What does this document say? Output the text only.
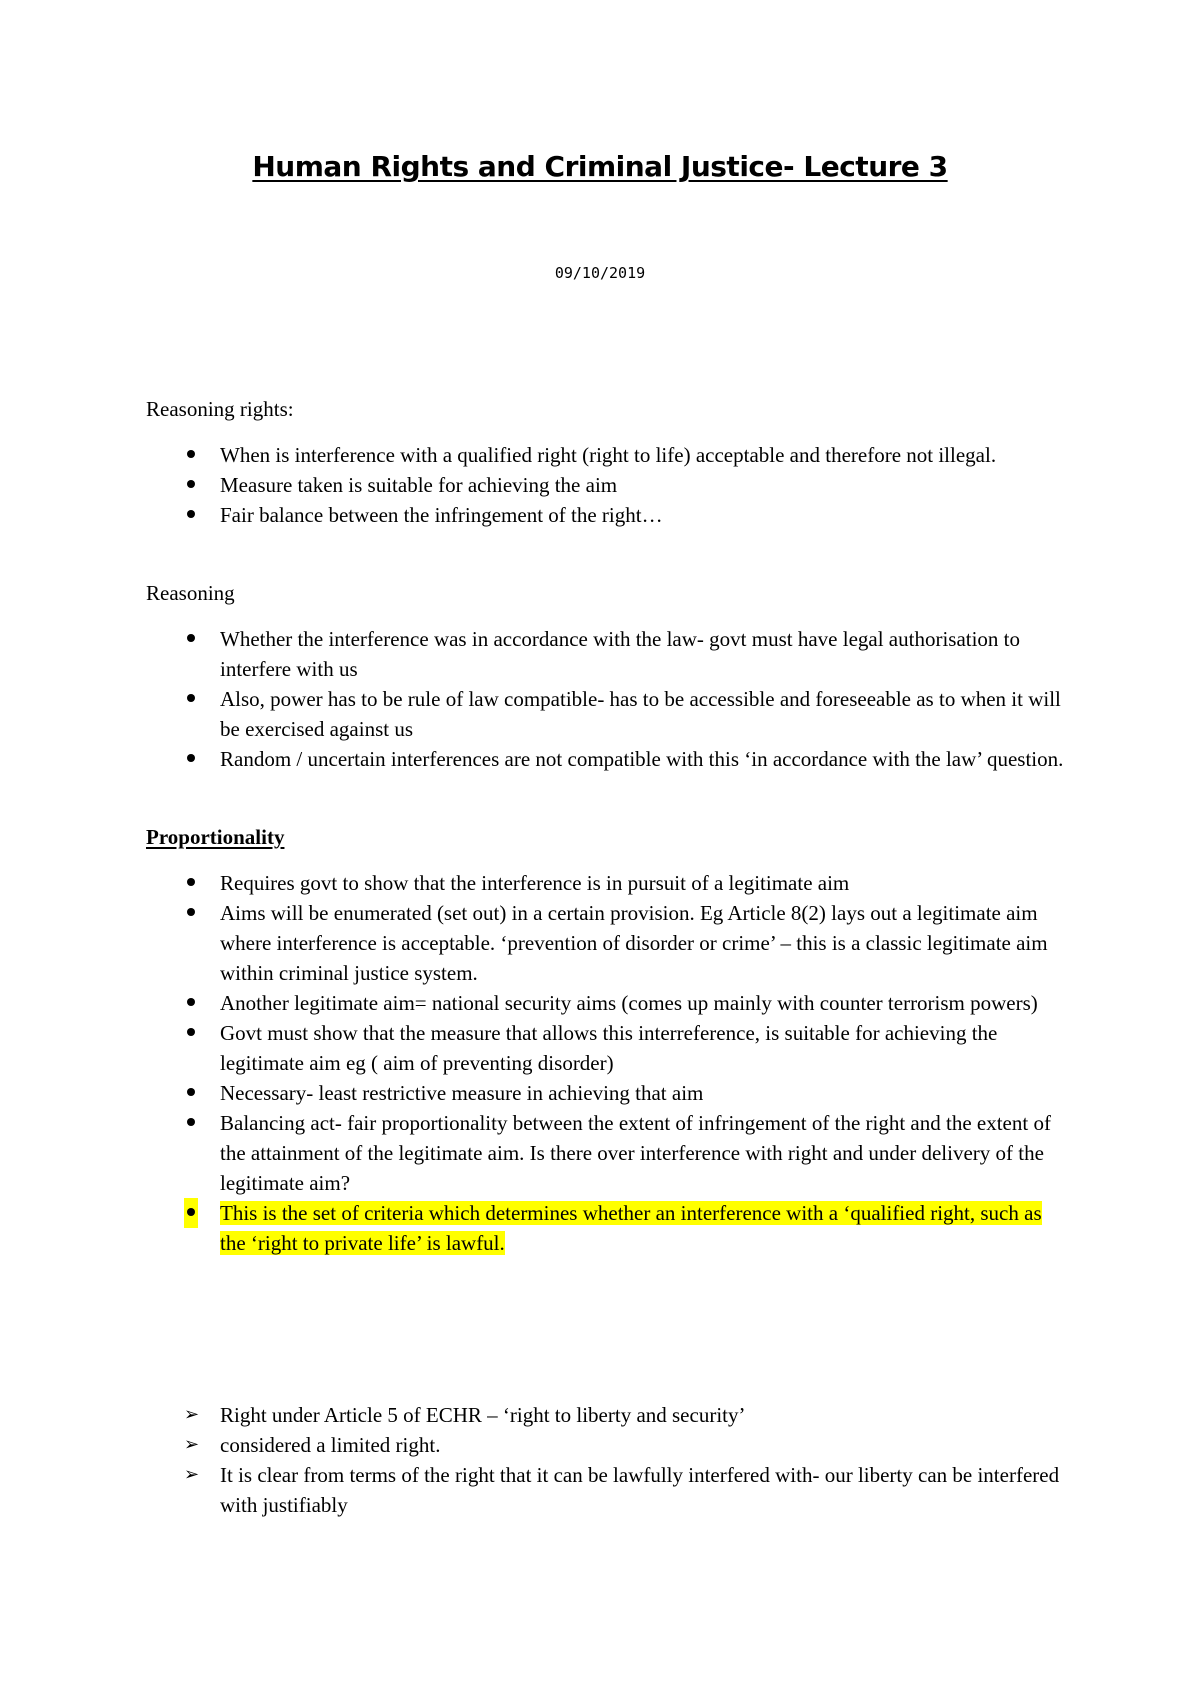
Human Rights and Criminal Justice- Lecture 3
09/10/2019
Reasoning rights:
When is interference with a qualified right (right to life) acceptable and therefore not illegal.
Measure taken is suitable for achieving the aim
Fair balance between the infringement of the right…
Reasoning
Whether the interference was in accordance with the law- govt must have legal authorisation to interfere with us
Also, power has to be rule of law compatible- has to be accessible and foreseeable as to when it will be exercised against us
Random / uncertain interferences are not compatible with this ‘in accordance with the law’ question.
Proportionality
Requires govt to show that the interference is in pursuit of a legitimate aim
Aims will be enumerated (set out) in a certain provision. Eg Article 8(2) lays out a legitimate aim where interference is acceptable. ‘prevention of disorder or crime’ – this is a classic legitimate aim within criminal justice system.
Another legitimate aim= national security aims (comes up mainly with counter terrorism powers)
Govt must show that the measure that allows this interreference, is suitable for achieving the legitimate aim eg ( aim of preventing disorder)
Necessary- least restrictive measure in achieving that aim
Balancing act- fair proportionality between the extent of infringement of the right and the extent of the attainment of the legitimate aim. Is there over interference with right and under delivery of the legitimate aim?
This is the set of criteria which determines whether an interference with a ‘qualified right, such as the ‘right to private life’ is lawful.
➢ Right under Article 5 of ECHR – ‘right to liberty and security’
➢ considered a limited right.
➢ It is clear from terms of the right that it can be lawfully interfered with- our liberty can be interfered with justifiably
